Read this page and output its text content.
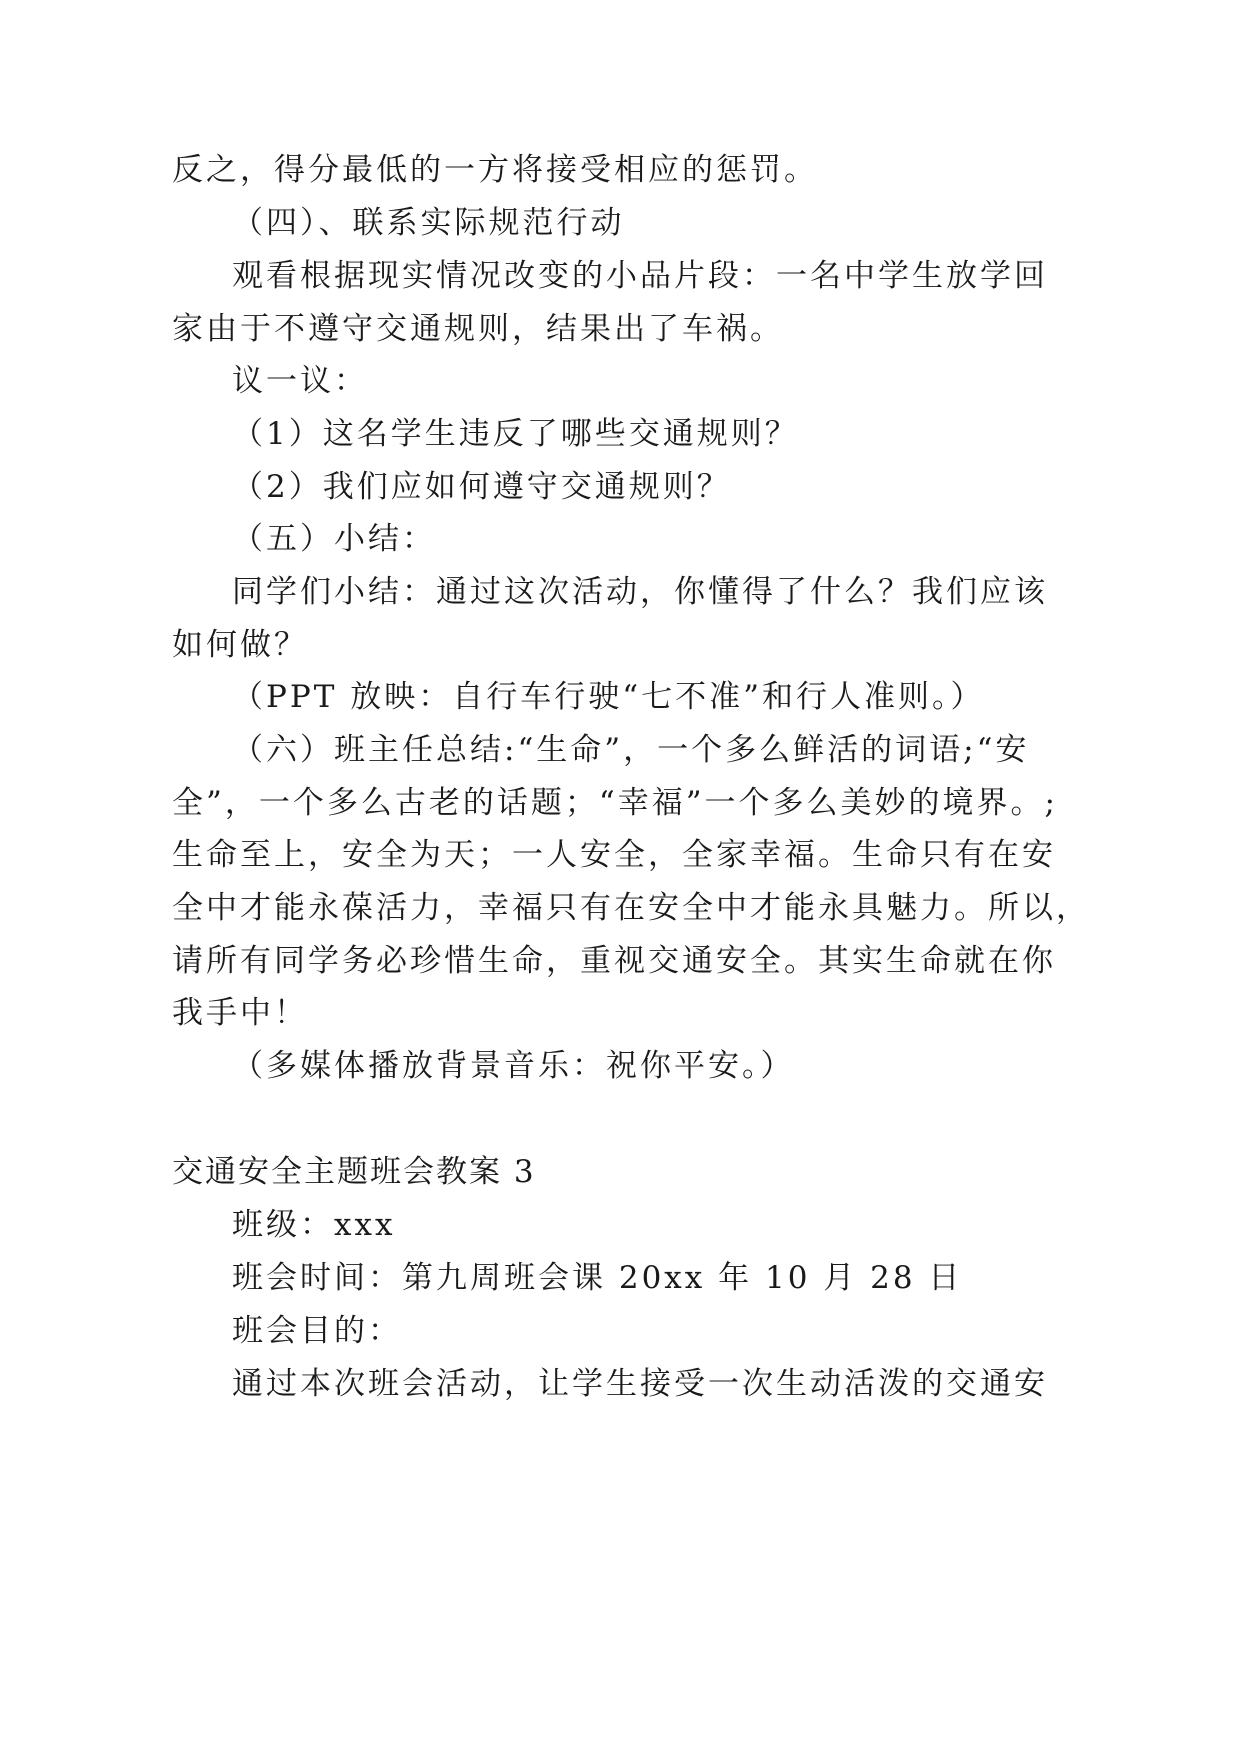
反之，得分最低的一方将接受相应的惩罚。
（四）、联系实际规范行动
观看根据现实情况改变的小品片段：一名中学生放学回
家由于不遵守交通规则，结果出了车祸。
议一议：
（1）这名学生违反了哪些交通规则？
（2）我们应如何遵守交通规则？
（五）小结：
同学们小结：通过这次活动，你懂得了什么？我们应该
如何做？
（PPT 放映：自行车行驶“七不准”和行人准则。）
（六）班主任总结:“生命”，一个多么鲜活的词语;“安
全”，一个多么古老的话题；“幸福”一个多么美妙的境界。;
生命至上，安全为天；一人安全，全家幸福。生命只有在安
全中才能永葆活力，幸福只有在安全中才能永具魅力。所以，
请所有同学务必珍惜生命，重视交通安全。其实生命就在你
我手中！
（多媒体播放背景音乐：祝你平安。）
交通安全主题班会教案 3
班级：xxx
班会时间：第九周班会课 20xx 年 10 月 28 日
班会目的：
通过本次班会活动，让学生接受一次生动活泼的交通安
